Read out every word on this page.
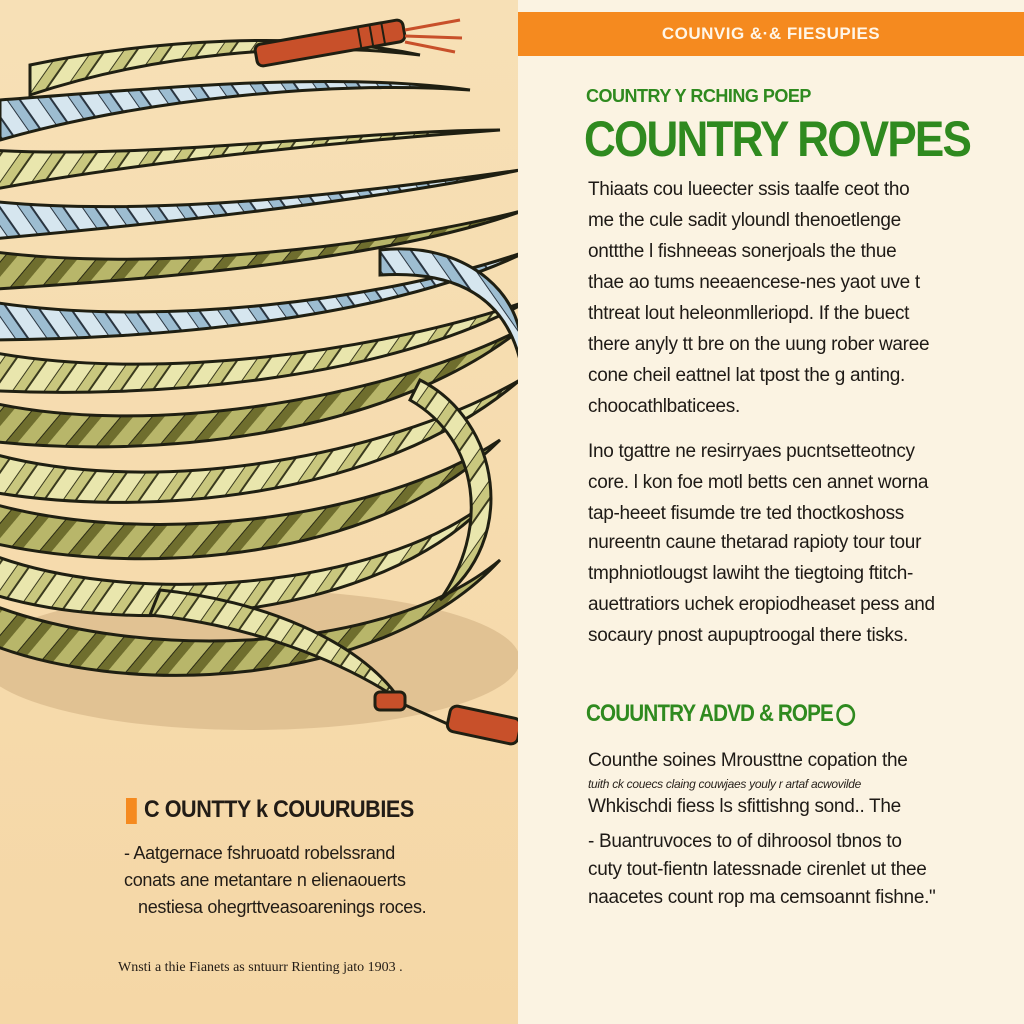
C OUNTTY k COUURUBIES
- Aatgernace fshruoatd robelssrand
conats ane metantare n elienaouerts
nestiesa ohegrttveasoarenings roces.
Wnsti a thie Fianets as sntuurr Rienting jato 1903 .
COUNVIG &·& FIESUPIES
COUNTRY Y RCHING POEP
COUNTRY ROVPES
Thiaats cou lueecter ssis taalfe ceot tho
me the cule sadit yloundl thenoetlenge
onttthe l fishneeas sonerjoals the thue
thae ao tums neeaencese-nes yaot uve t
thtreat lout heleonmlleriopd. If the buect
there anyly tt bre on the uung rober waree
cone cheil eattnel lat tpost the g anting.
choocathlbaticees.
Ino tgattre ne resirryaes pucntsetteotncy
core. l kon foe motl betts cen annet worna
tap-heeet fisumde tre ted thoctkoshoss
nureentn caune thetarad rapioty tour tour
tmphniotlougst lawiht the tiegtoing ftitch-
auettratiors uchek eropiodheaset pess and
socaury pnost aupuptroogal there tisks.
COUUNTRY ADVD & ROPE
Counthe soines Mrousttne copation the
tuith ck couecs claing couwjaes youly r artaf acwovilde
Whkischdi fiess ls sfittishng sond.. The
- Buantruvoces to of dihroosol tbnos to
cuty tout-fientn latessnade cirenlet ut thee
naacetes count rop ma cemsoannt fishne."
